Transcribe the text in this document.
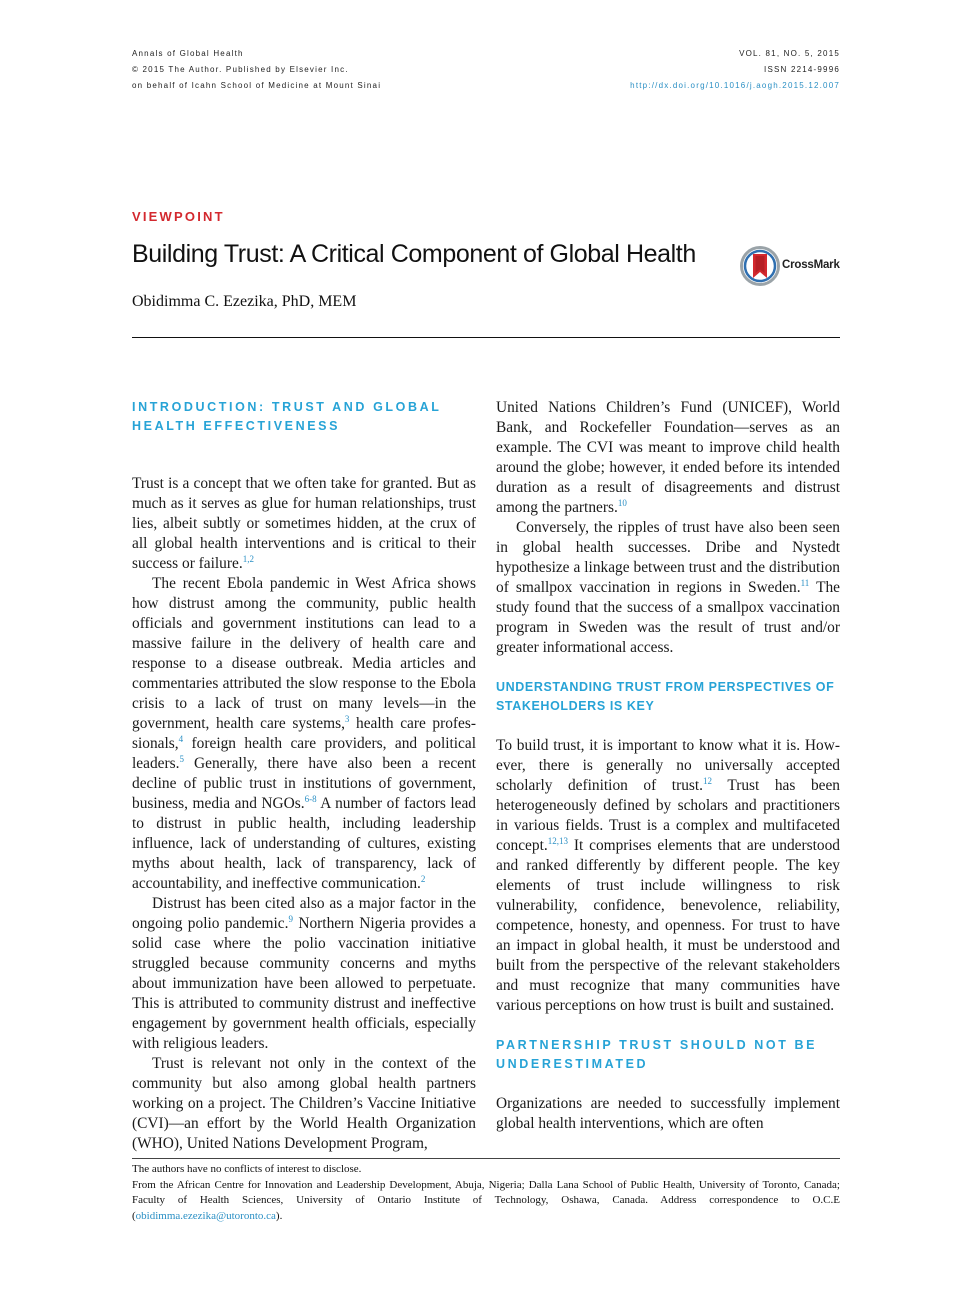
Annals of Global Health
© 2015 The Author. Published by Elsevier Inc.
on behalf of Icahn School of Medicine at Mount Sinai
VOL. 81, NO. 5, 2015
ISSN 2214-9996
http://dx.doi.org/10.1016/j.aogh.2015.12.007
VIEWPOINT
Building Trust: A Critical Component of Global Health	CrossMark
Obidimma C. Ezezika, PhD, MEM
INTRODUCTION: TRUST AND GLOBAL HEALTH EFFECTIVENESS

Trust is a concept that we often take for granted. But as much as it serves as glue for human relationships, trust lies, albeit subtly or sometimes hidden, at the crux of all global health interventions and is critical to their success or failure.$^{1,2}$

The recent Ebola pandemic in West Africa shows how distrust among the community, public health officials and government institutions can lead to a massive failure in the delivery of health care and response to a disease outbreak. Media articles and commentaries attributed the slow response to the Ebola crisis to a lack of trust on many levels—in the government, health care systems,$^3$ health care professionals,$^4$ foreign health care providers, and political leaders.$^5$ Generally, there have also been a recent decline of public trust in institutions of government, business, media and NGOs.$^{6-8}$ A number of factors lead to distrust in public health, including leadership influence, lack of understanding of cultures, existing myths about health, lack of transparency, lack of accountability, and ineffective communication.$^2$

Distrust has been cited also as a major factor in the ongoing polio pandemic.$^9$ Northern Nigeria provides a solid case where the polio vaccination initiative struggled because community concerns and myths about immunization have been allowed to perpetuate. This is attributed to community distrust and ineffective engagement by government health officials, especially with religious leaders.

Trust is relevant not only in the context of the community but also among global health partners working on a project. The Children’s Vaccine Initiative (CVI)—an effort by the World Health Organization (WHO), United Nations Development Program,

United Nations Children’s Fund (UNICEF), World Bank, and Rockefeller Foundation—serves as an example. The CVI was meant to improve child health around the globe; however, it ended before its intended duration as a result of disagreements and distrust among the partners.$^{10}$

Conversely, the ripples of trust have also been seen in global health successes. Dribe and Nystedt hypothesize a linkage between trust and the distribution of smallpox vaccination in regions in Sweden.$^{11}$ The study found that the success of a smallpox vaccination program in Sweden was the result of trust and/or greater informational access.

UNDERSTANDING TRUST FROM PERSPECTIVES OF STAKEHOLDERS IS KEY

To build trust, it is important to know what it is. However, there is generally no universally accepted scholarly definition of trust.$^{12}$ Trust has been heterogeneously defined by scholars and practitioners in various fields. Trust is a complex and multifaceted concept.$^{12,13}$ It comprises elements that are understood and ranked differently by different people. The key elements of trust include willingness to risk vulnerability, confidence, benevolence, reliability, competence, honesty, and openness. For trust to have an impact in global health, it must be understood and built from the perspective of the relevant stakeholders and must recognize that many communities have various perceptions on how trust is built and sustained.

PARTNERSHIP TRUST SHOULD NOT BE UNDERESTIMATED

Organizations are needed to successfully implement global health interventions, which are often

The authors have no conflicts of interest to disclose.

From the African Centre for Innovation and Leadership Development, Abuja, Nigeria; Dalla Lana School of Public Health, University of Toronto, Canada; Faculty of Health Sciences, University of Ontario Institute of Technology, Oshawa, Canada. Address correspondence to O.C.E (obidimma.ezezika@utoronto.ca).
